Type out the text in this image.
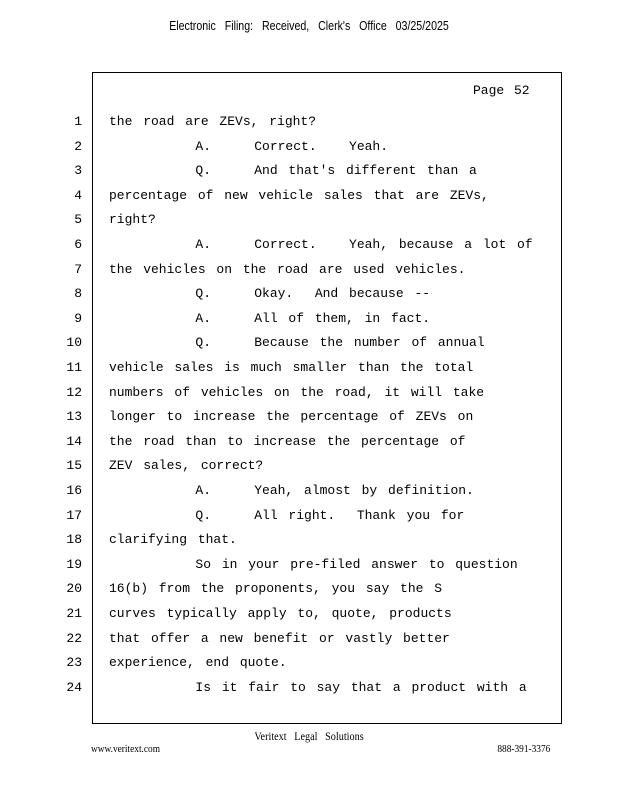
Electronic Filing: Received, Clerk's Office 03/25/2025
Page 52
1 the road are ZEVs, right?
2 A.    Correct.   Yeah.
3 Q.    And that's different than a
4 percentage of new vehicle sales that are ZEVs,
5 right?
6 A.    Correct.   Yeah, because a lot of
7 the vehicles on the road are used vehicles.
8 Q.    Okay.  And because --
9 A.    All of them, in fact.
10 Q.    Because the number of annual
11 vehicle sales is much smaller than the total
12 numbers of vehicles on the road, it will take
13 longer to increase the percentage of ZEVs on
14 the road than to increase the percentage of
15 ZEV sales, correct?
16 A.    Yeah, almost by definition.
17 Q.    All right.  Thank you for
18 clarifying that.
19 So in your pre-filed answer to question
20 16(b) from the proponents, you say the S
21 curves typically apply to, quote, products
22 that offer a new benefit or vastly better
23 experience, end quote.
24 Is it fair to say that a product with a
Veritext Legal Solutions
www.veritext.com	888-391-3376
